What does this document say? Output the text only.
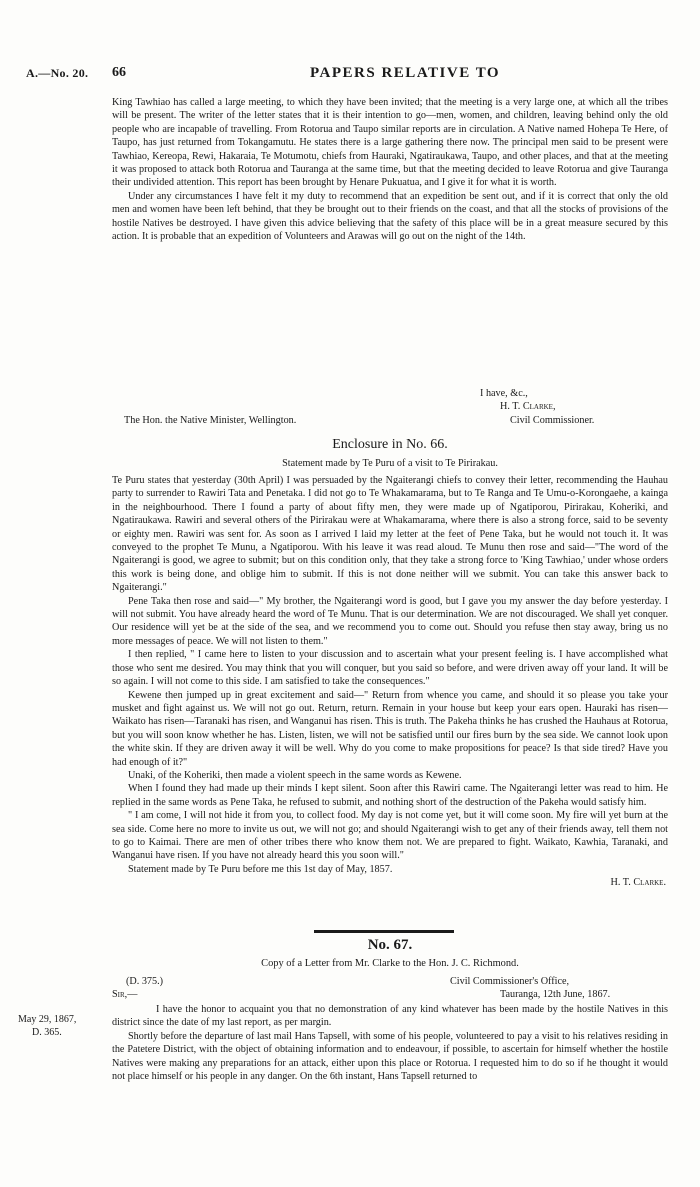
A.—No. 20. 66	PAPERS RELATIVE TO

King Tawhiao has called a large meeting, to which they have been invited; that the meeting is a very large one, at which all the tribes will be present. The writer of the letter states that it is their intention to go—men, women, and children, leaving behind only the old people who are incapable of travelling. From Rotorua and Taupo similar reports are in circulation. A Native named Hohepa Te Here, of Taupo, has just returned from Tokangamutu. He states there is a large gathering there now. The principal men said to be present were Tawhiao, Kereopa, Rewi, Hakaraia, Te Motumotu, chiefs from Hauraki, Ngatiraukawa, Taupo, and other places, and that at the meeting it was proposed to attack both Rotorua and Tauranga at the same time, but that the meeting decided to leave Rotorua and give Tauranga their undivided attention. This report has been brought by Henare Pukuatua, and I give it for what it is worth.

Under any circumstances I have felt it my duty to recommend that an expedition be sent out, and if it is correct that only the old men and women have been left behind, that they be brought out to their friends on the coast, and that all the stocks of provisions of the hostile Natives be destroyed. I have given this advice believing that the safety of this place will be in a great measure secured by this action. It is probable that an expedition of Volunteers and Arawas will go out on the night of the 14th.

I have, &c.,
H. T. Clarke,
The Hon. the Native Minister, Wellington.	Civil Commissioner.
Enclosure in No. 66.
Statement made by Te Puru of a visit to Te Pirirakau.

Te Puru states that yesterday (30th April) I was persuaded by the Ngaiterangi chiefs to convey their letter, recommending the Hauhau party to surrender to Rawiri Tata and Penetaka. I did not go to Te Whakamarama, but to Te Ranga and Te Umu-o-Korongaehe, a kainga in the neighbourhood. There I found a party of about fifty men, they were made up of Ngatiporou, Pirirakau, Koheriki, and Ngatiraukawa. Rawiri and several others of the Pirirakau were at Whakamarama, where there is also a strong force, said to be seventy or eighty men. Rawiri was sent for. As soon as I arrived I laid my letter at the feet of Pene Taka, but he would not touch it. It was conveyed to the prophet Te Munu, a Ngatiporou. With his leave it was read aloud. Te Munu then rose and said—"The word of the Ngaiterangi is good, we agree to submit; but on this condition only, that they take a strong force to 'King Tawhiao,' under whose orders this work is being done, and oblige him to submit. If this is not done neither will we submit. You can take this answer back to Ngaiterangi."

Pene Taka then rose and said—" My brother, the Ngaiterangi word is good, but I gave you my answer the day before yesterday. I will not submit. You have already heard the word of Te Munu. That is our determination. We are not discouraged. We shall yet conquer. Our residence will yet be at the side of the sea, and we recommend you to come out. Should you refuse then stay away, bring us no more messages of peace. We will not listen to them."

I then replied, " I came here to listen to your discussion and to ascertain what your present feeling is. I have accomplished what those who sent me desired. You may think that you will conquer, but you said so before, and were driven away off your land. It will be so again. I will not come to this side. I am satisfied to take the consequences."

Kewene then jumped up in great excitement and said—" Return from whence you came, and should it so please you take your musket and fight against us. We will not go out. Return, return. Remain in your house but keep your ears open. Hauraki has risen—Waikato has risen—Taranaki has risen, and Wanganui has risen. This is truth. The Pakeha thinks he has crushed the Hauhaus at Rotorua, but you will soon know whether he has. Listen, listen, we will not be satisfied until our fires burn by the sea side. We cannot look upon the white skin. If they are driven away it will be well. Why do you come to make propositions for peace? Is that side tired? Have you had enough of it?"

Unaki, of the Koheriki, then made a violent speech in the same words as Kewene.

When I found they had made up their minds I kept silent. Soon after this Rawiri came. The Ngaiterangi letter was read to him. He replied in the same words as Pene Taka, he refused to submit, and nothing short of the destruction of the Pakeha would satisfy him.

" I am come, I will not hide it from you, to collect food. My day is not come yet, but it will come soon. My fire will yet burn at the sea side. Come here no more to invite us out, we will not go; and should Ngaiterangi wish to get any of their friends away, tell them not to go to Kaimai. There are men of other tribes there who know them not. We are prepared to fight. Waikato, Kawhia, Taranaki, and Wanganui have risen. If you have not already heard this you soon will."

Statement made by Te Puru before me this 1st day of May, 1857.

H. T. Clarke.
No. 67.
Copy of a Letter from Mr. Clarke to the Hon. J. C. Richmond.
(D. 375.)	Civil Commissioner's Office,
Sir,—	Tauranga, 12th June, 1867.
May 29, 1867,
D. 365.

I have the honor to acquaint you that no demonstration of any kind whatever has been made by the hostile Natives in this district since the date of my last report, as per margin.

Shortly before the departure of last mail Hans Tapsell, with some of his people, volunteered to pay a visit to his relatives residing in the Patetere District, with the object of obtaining information and to endeavour, if possible, to ascertain for himself whether the hostile Natives were making any preparations for an attack, either upon this place or Rotorua. I requested him to do so if he thought it would not place himself or his people in any danger. On the 6th instant, Hans Tapsell returned to
